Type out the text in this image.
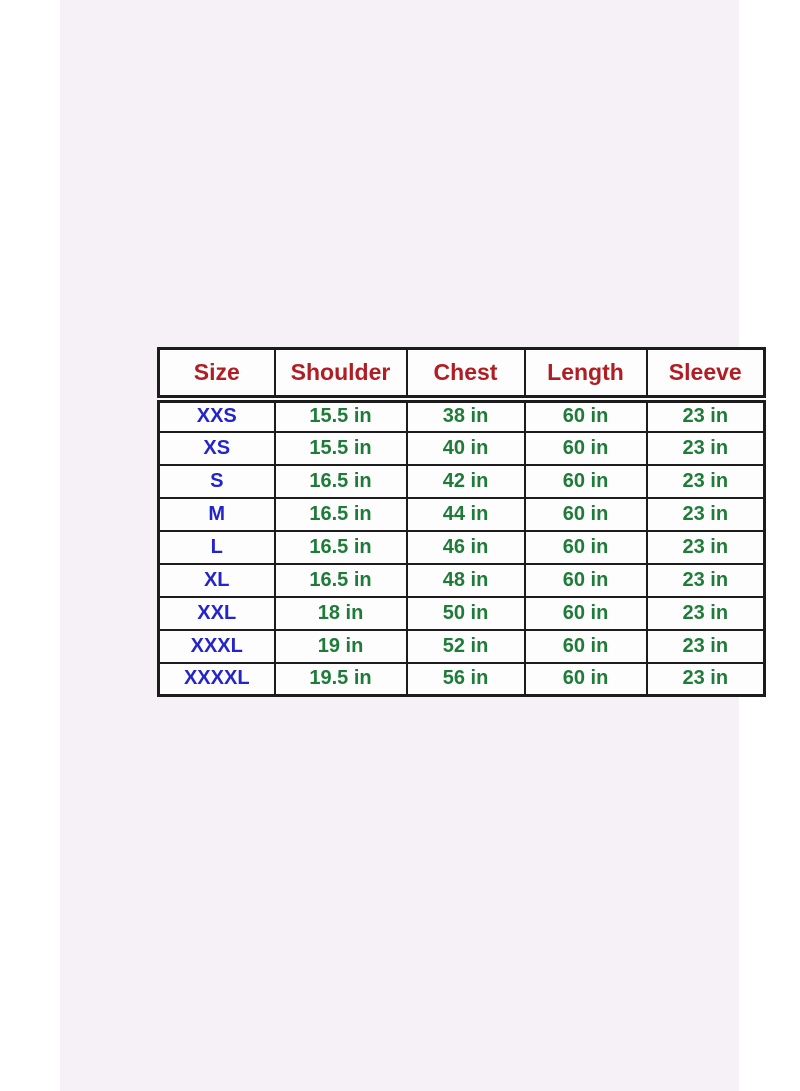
Size	Shoulder	Chest	Length	Sleeve
XXS	15.5 in	38 in	60 in	23 in
XS	15.5 in	40 in	60 in	23 in
S	16.5 in	42 in	60 in	23 in
M	16.5 in	44 in	60 in	23 in
L	16.5 in	46 in	60 in	23 in
XL	16.5 in	48 in	60 in	23 in
XXL	18 in	50 in	60 in	23 in
XXXL	19 in	52 in	60 in	23 in
XXXXL	19.5 in	56 in	60 in	23 in
